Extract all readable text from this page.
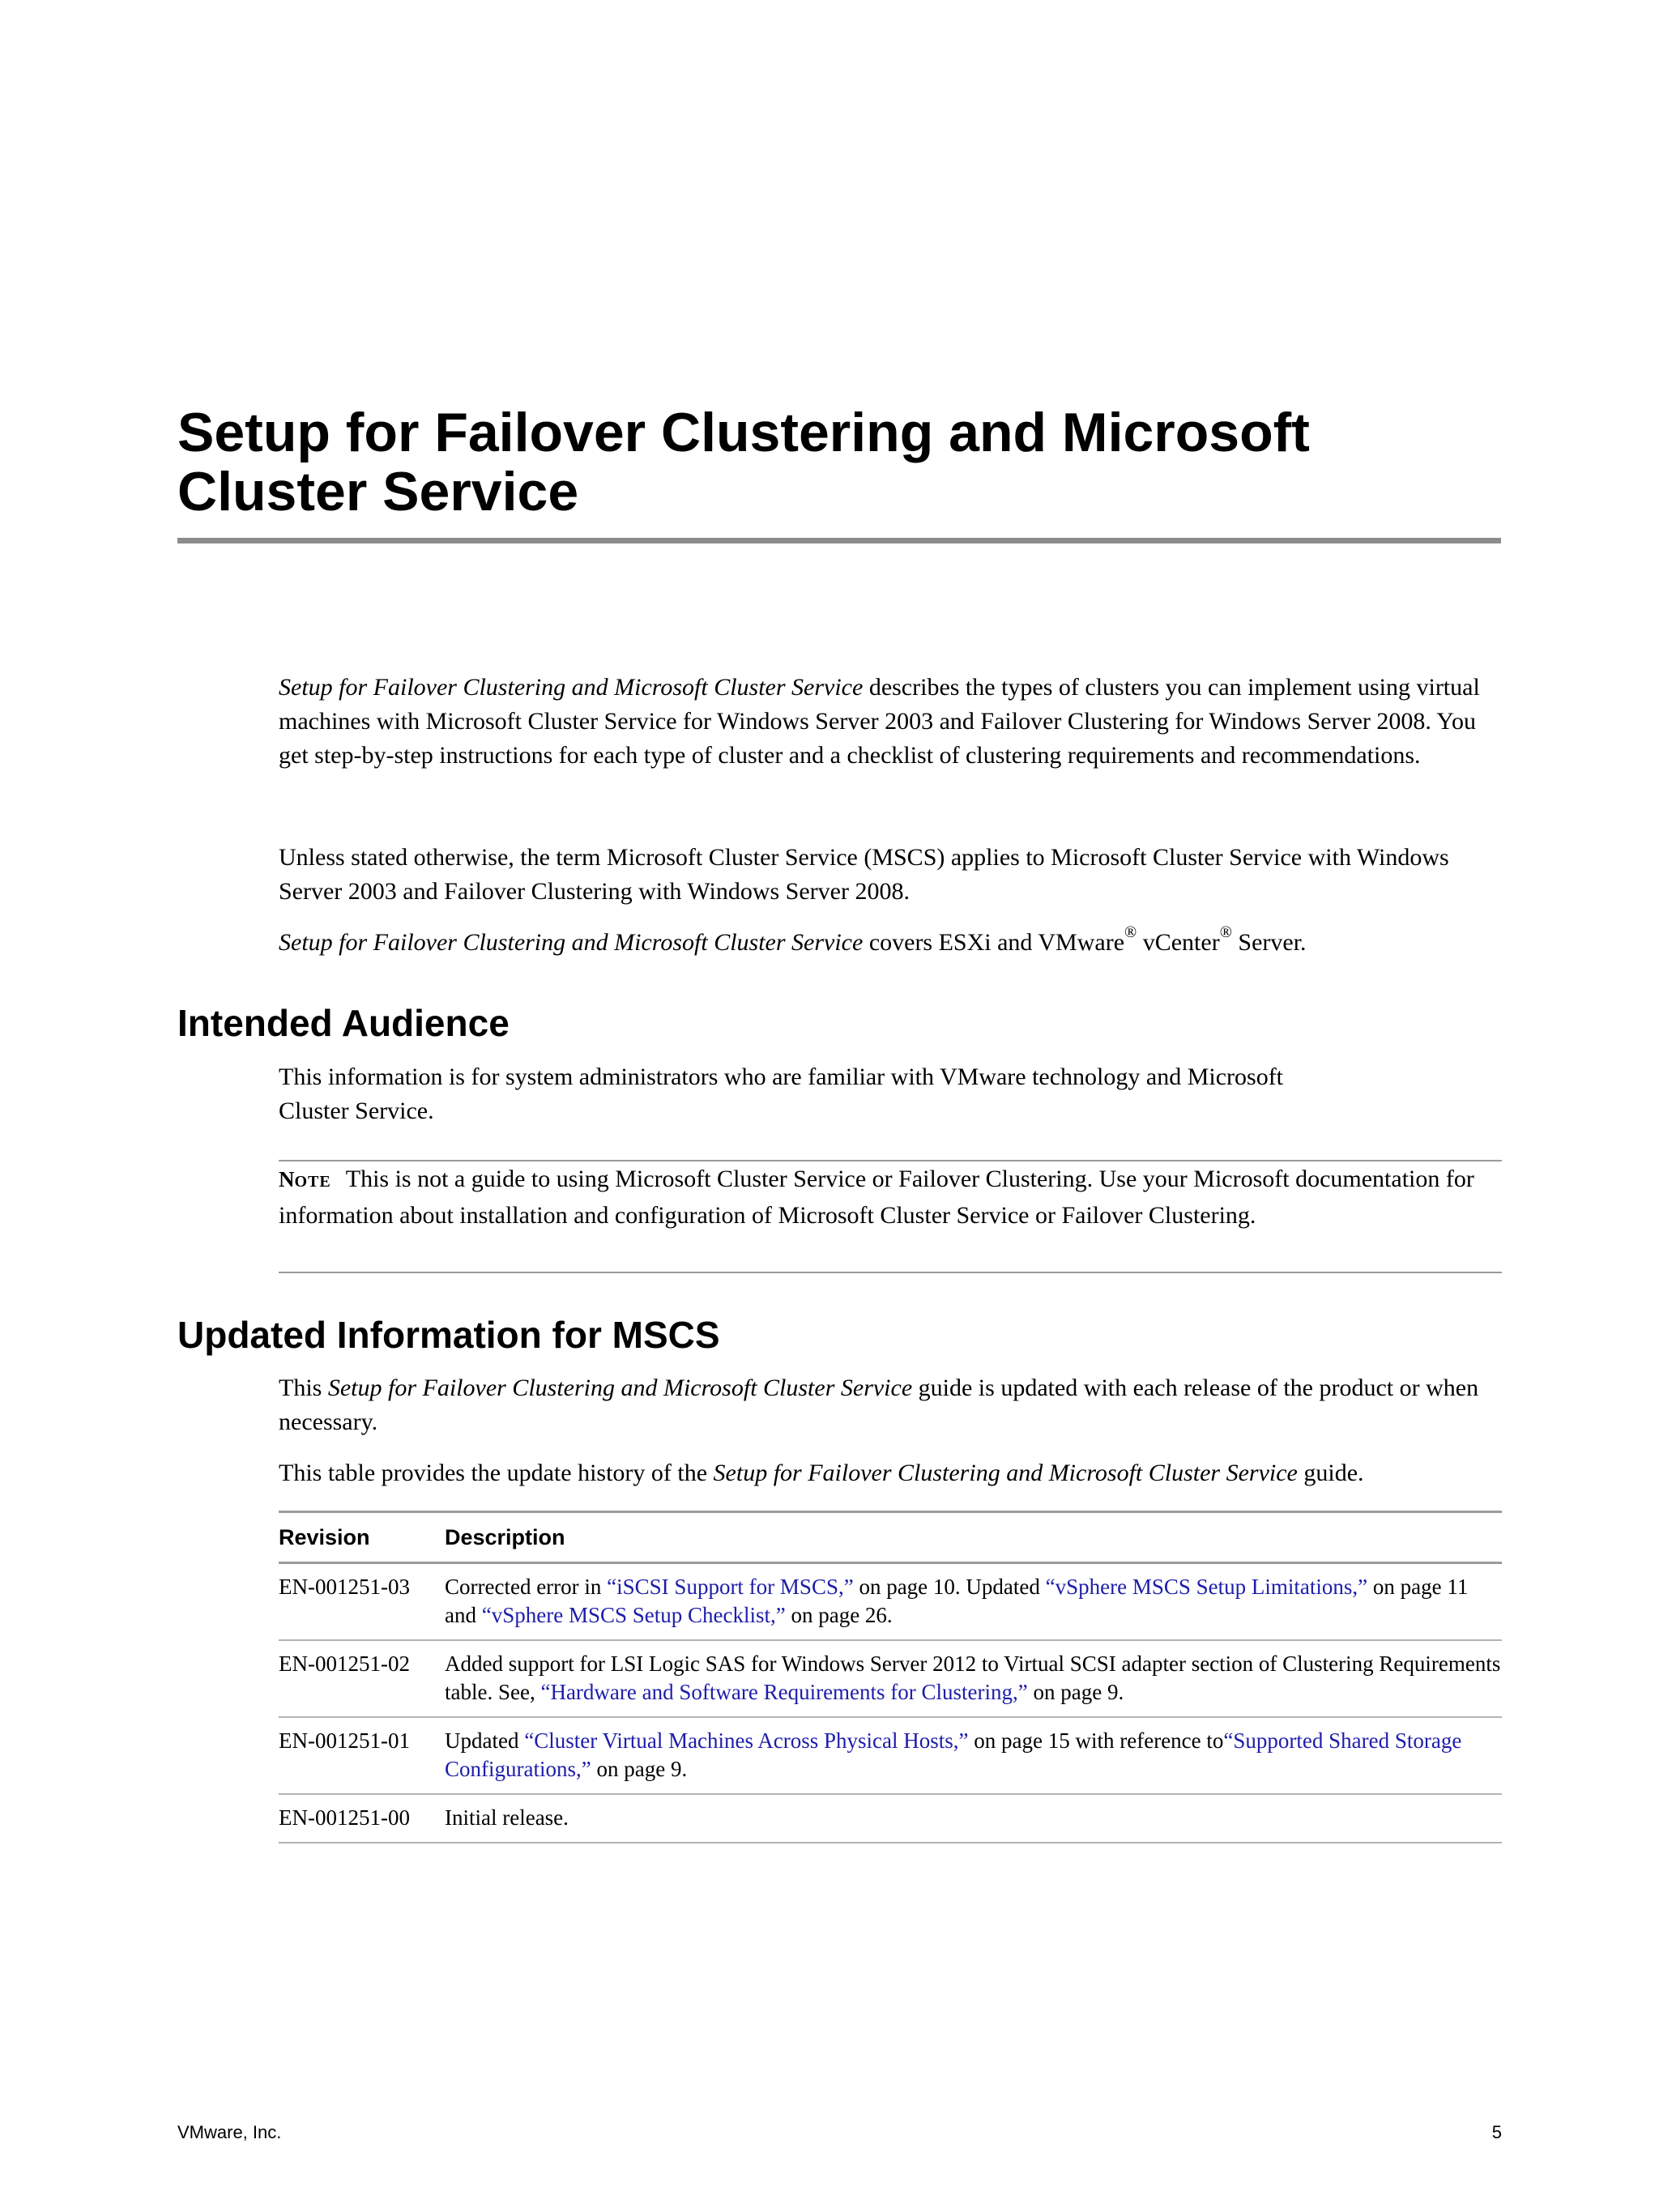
Setup for Failover Clustering and Microsoft Cluster Service

Setup for Failover Clustering and Microsoft Cluster Service describes the types of clusters you can implement using virtual machines with Microsoft Cluster Service for Windows Server 2003 and Failover Clustering for Windows Server 2008. You get step-by-step instructions for each type of cluster and a checklist of clustering requirements and recommendations.

Unless stated otherwise, the term Microsoft Cluster Service (MSCS) applies to Microsoft Cluster Service with Windows Server 2003 and Failover Clustering with Windows Server 2008.

Setup for Failover Clustering and Microsoft Cluster Service covers ESXi and VMware® vCenter® Server.

Intended Audience

This information is for system administrators who are familiar with VMware technology and Microsoft Cluster Service.

NOTE This is not a guide to using Microsoft Cluster Service or Failover Clustering. Use your Microsoft documentation for information about installation and configuration of Microsoft Cluster Service or Failover Clustering.

Updated Information for MSCS

This Setup for Failover Clustering and Microsoft Cluster Service guide is updated with each release of the product or when necessary.

This table provides the update history of the Setup for Failover Clustering and Microsoft Cluster Service guide.

Revision	Description
EN-001251-03	Corrected error in “iSCSI Support for MSCS,” on page 10. Updated “vSphere MSCS Setup Limitations,” on page 11 and “vSphere MSCS Setup Checklist,” on page 26.
EN-001251-02	Added support for LSI Logic SAS for Windows Server 2012 to Virtual SCSI adapter section of Clustering Requirements table. See, “Hardware and Software Requirements for Clustering,” on page 9.
EN-001251-01	Updated “Cluster Virtual Machines Across Physical Hosts,” on page 15 with reference to“Supported Shared Storage Configurations,” on page 9.
EN-001251-00	Initial release.
VMware, Inc.	5
